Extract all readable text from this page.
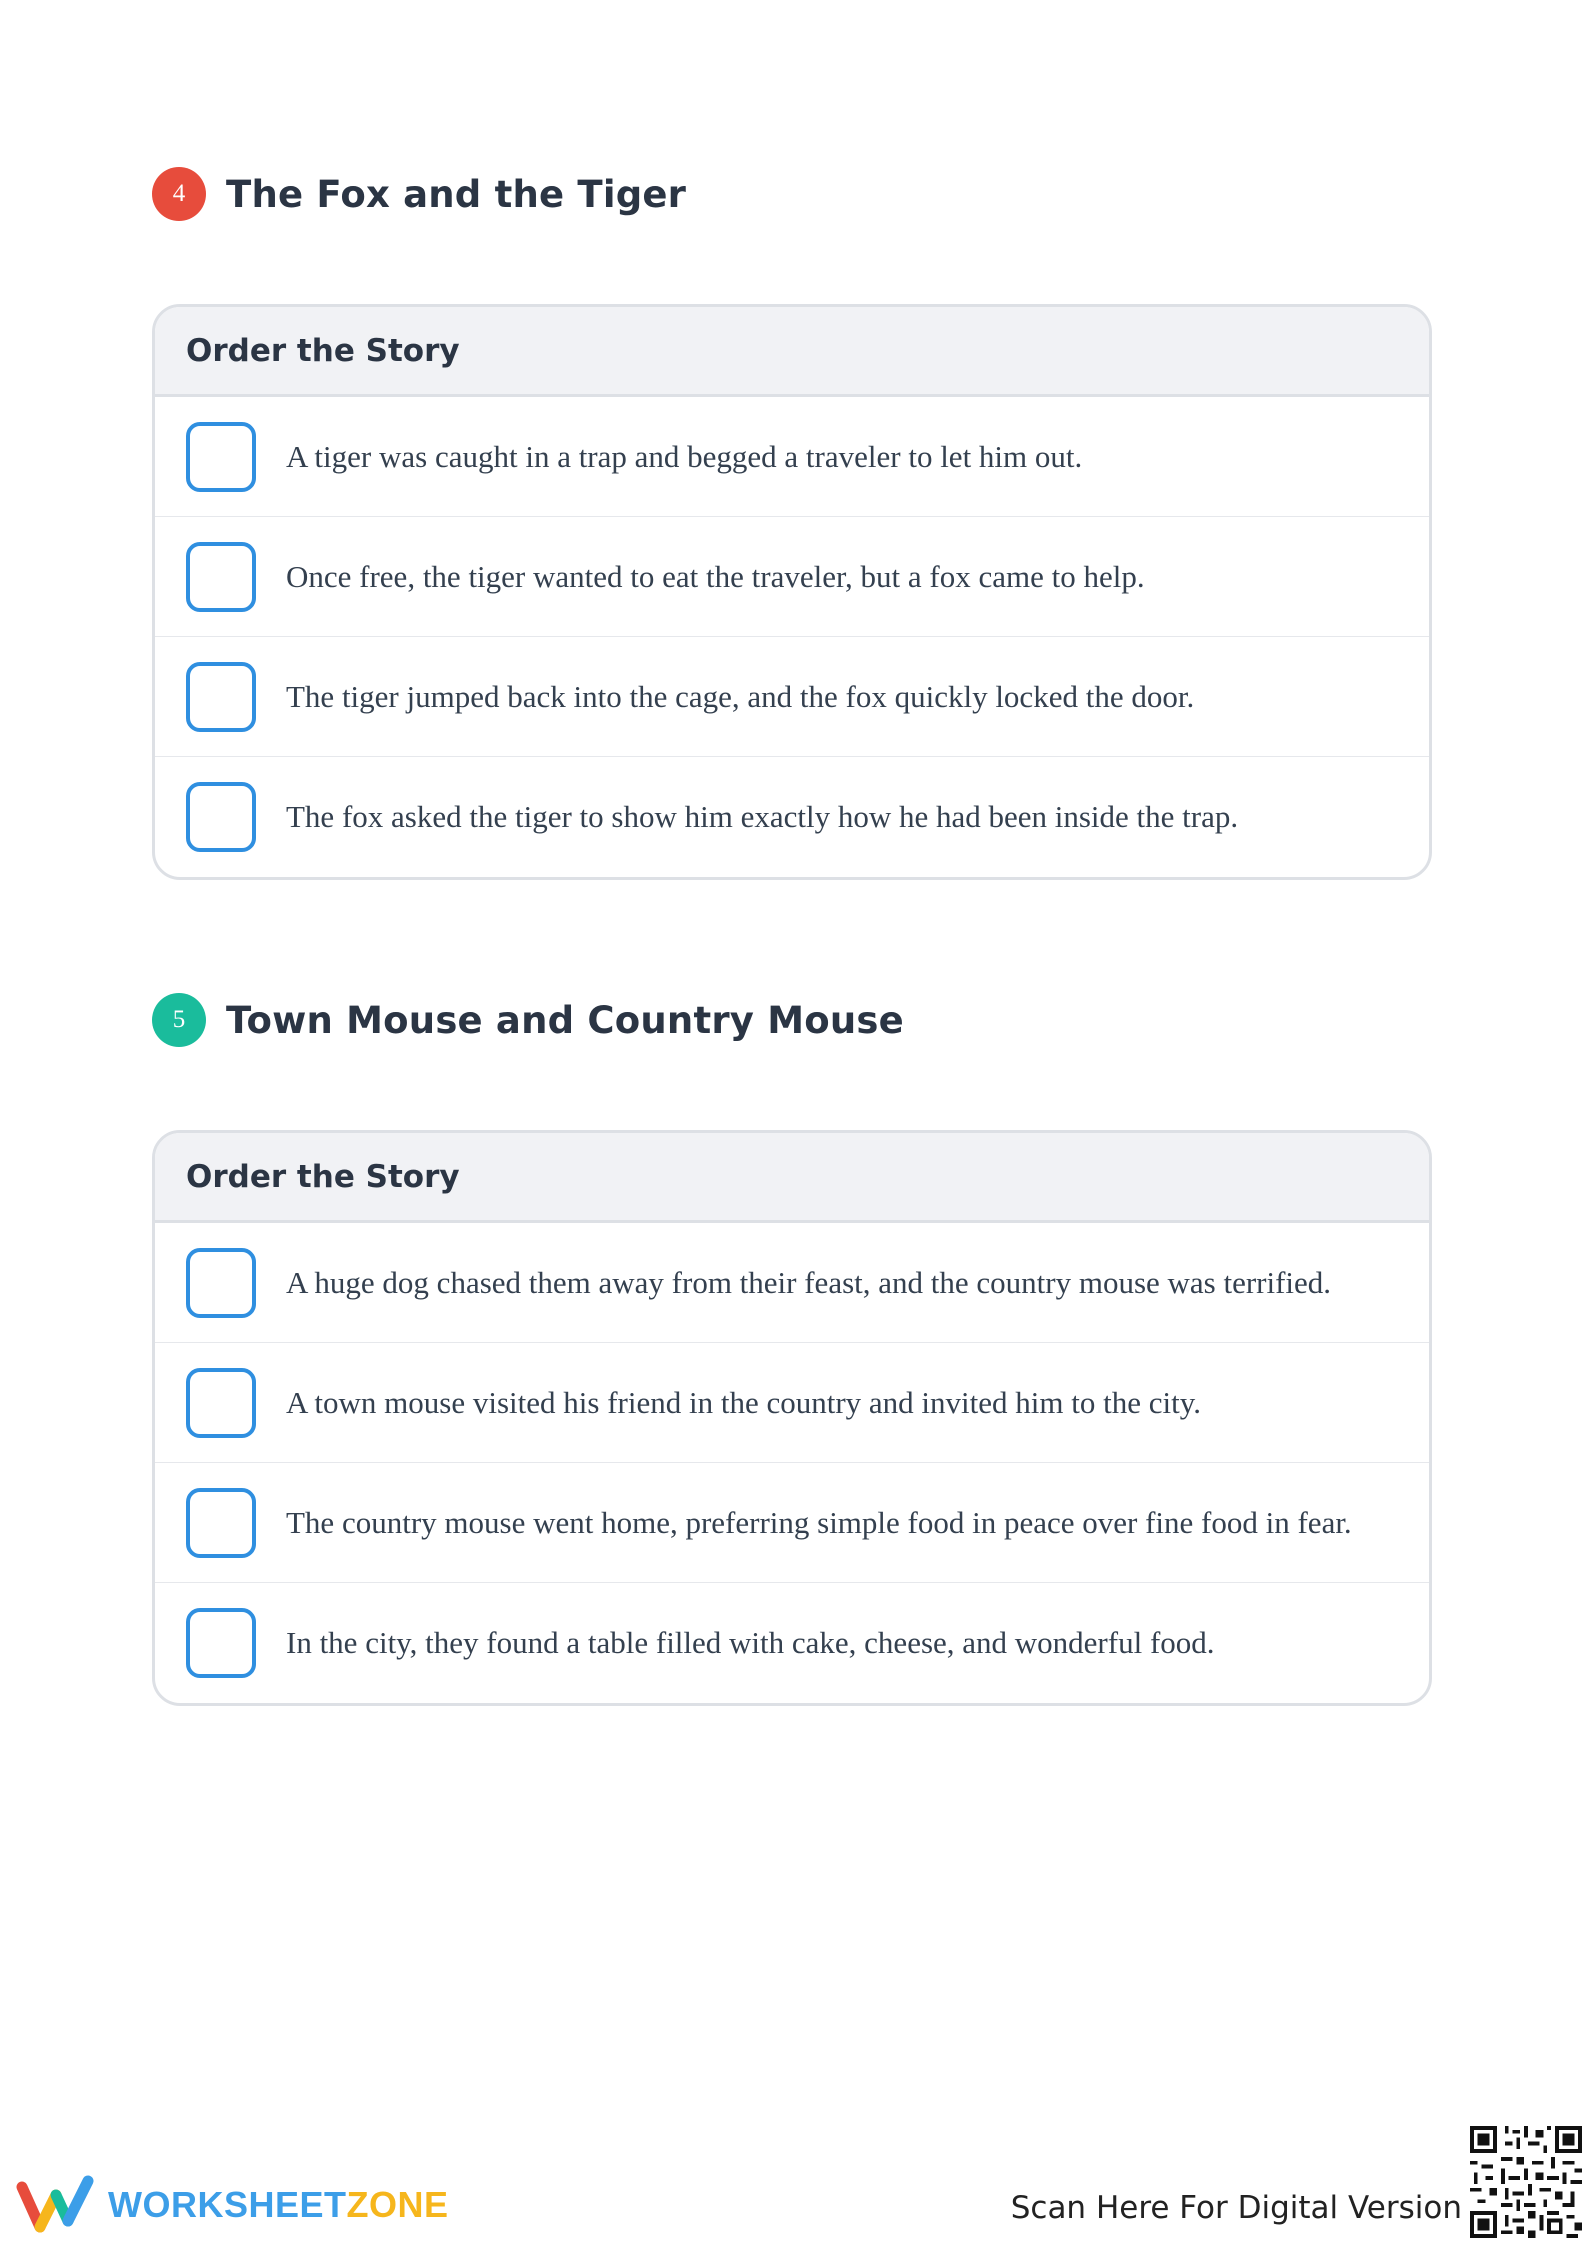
4	The Fox and the Tiger
Order the Story
A tiger was caught in a trap and begged a traveler to let him out.
Once free, the tiger wanted to eat the traveler, but a fox came to help.
The tiger jumped back into the cage, and the fox quickly locked the door.
The fox asked the tiger to show him exactly how he had been inside the trap.
5	Town Mouse and Country Mouse
Order the Story
A huge dog chased them away from their feast, and the country mouse was terrified.
A town mouse visited his friend in the country and invited him to the city.
The country mouse went home, preferring simple food in peace over fine food in fear.
In the city, they found a table filled with cake, cheese, and wonderful food.
WORKSHEETZONE	Scan Here For Digital Version
